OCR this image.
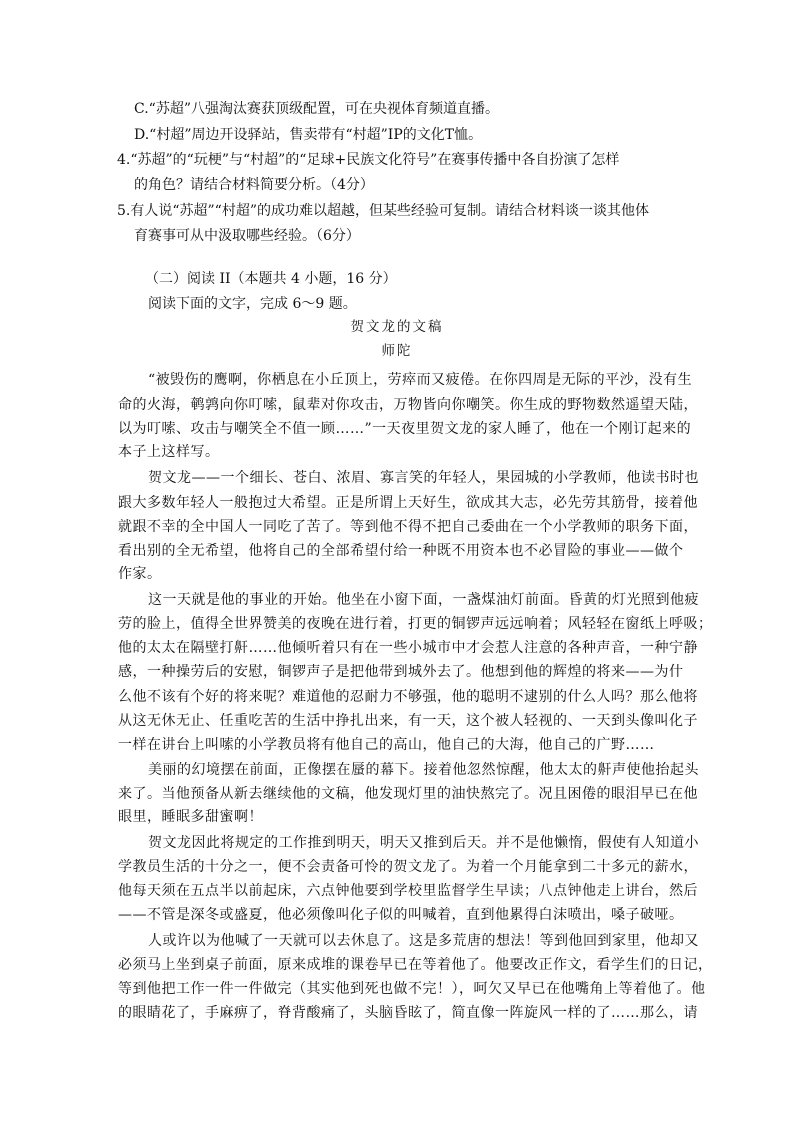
C.“苏超”八强淘汰赛获顶级配置，可在央视体育频道直播。
D.“村超”周边开设驿站，售卖带有“村超”IP的文化T恤。
4.“苏超”的“玩梗”与“村超”的“足球+民族文化符号”在赛事传播中各自扮演了怎样
的角色？请结合材料简要分析。（4分）
5.有人说“苏超”“村超”的成功难以超越，但某些经验可复制。请结合材料谈一谈其他体
育赛事可从中汲取哪些经验。（6分）
（二）阅读 II（本题共 4 小题，16 分）
阅读下面的文字，完成 6～9 题。
贺文龙的文稿
师陀
“被毁伤的鹰啊，你栖息在小丘顶上，劳瘁而又疲倦。在你四周是无际的平沙，没有生
命的火海，鹌鹑向你叮嗦，鼠辈对你攻击，万物皆向你嘲笑。你生成的野物数然遥望天陆，
以为叮嗦、攻击与嘲笑全不值一顾……”一天夜里贺文龙的家人睡了，他在一个刚订起来的
本子上这样写。
贺文龙——一个细长、苍白、浓眉、寡言笑的年轻人，果园城的小学教师，他读书时也
跟大多数年轻人一般抱过大希望。正是所谓上天好生，欲成其大志，必先劳其筋骨，接着他
就跟不幸的全中国人一同吃了苦了。等到他不得不把自己委曲在一个小学教师的职务下面，
看出别的全无希望，他将自己的全部希望付给一种既不用资本也不必冒险的事业——做个
作家。
这一天就是他的事业的开始。他坐在小窗下面，一盏煤油灯前面。昏黄的灯光照到他疲
劳的脸上，值得全世界赞美的夜晚在进行着，打更的铜锣声远远响着；风轻轻在窗纸上呼吸；
他的太太在隔壁打鼾……他倾听着只有在一些小城市中才会惹人注意的各种声音，一种宁静
感，一种操劳后的安慰，铜锣声子是把他带到城外去了。他想到他的辉煌的将来——为什
么他不该有个好的将来呢？难道他的忍耐力不够强，他的聪明不逮别的什么人吗？那么他将
从这无休无止、任重吃苦的生活中挣扎出来，有一天，这个被人轻视的、一天到头像叫化子
一样在讲台上叫嗦的小学教员将有他自己的高山，他自己的大海，他自己的广野……
美丽的幻境摆在前面，正像摆在蜃的幕下。接着他忽然惊醒，他太太的鼾声使他抬起头
来了。当他预备从新去继续他的文稿，他发现灯里的油快熬完了。况且困倦的眼泪早已在他
眼里，睡眠多甜蜜啊！
贺文龙因此将规定的工作推到明天，明天又推到后天。并不是他懒惰，假使有人知道小
学教员生活的十分之一，便不会责备可怜的贺文龙了。为着一个月能拿到二十多元的薪水，
他每天须在五点半以前起床，六点钟他要到学校里监督学生早读；八点钟他走上讲台，然后
——不管是深冬或盛夏，他必须像叫化子似的叫喊着，直到他累得白沫喷出，嗓子破哑。
人或许以为他喊了一天就可以去休息了。这是多荒唐的想法！等到他回到家里，他却又
必须马上坐到桌子前面，原来成堆的课卷早已在等着他了。他要改正作文，看学生们的日记，
等到他把工作一件一件做完（其实他到死也做不完！），呵欠又早已在他嘴角上等着他了。他
的眼睛花了，手麻痹了，脊背酸痛了，头脑昏眩了，简直像一阵旋风一样的了……那么，请
